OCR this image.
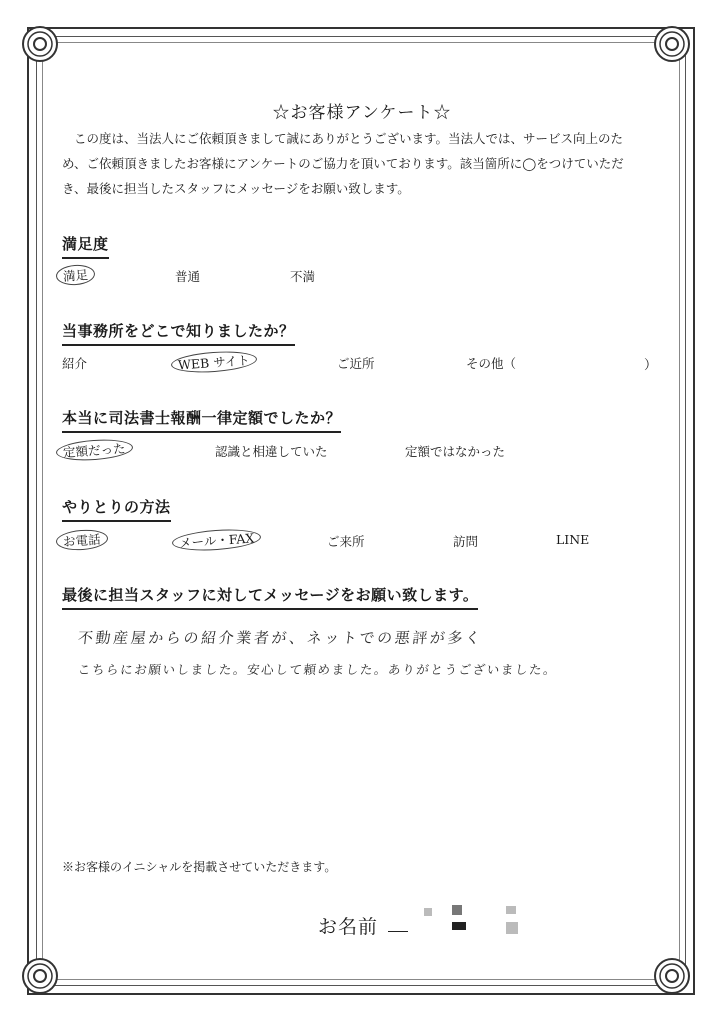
☆お客様アンケート☆
この度は、当法人にご依頼頂きまして誠にありがとうございます。当法人では、サービス向上のた
め、ご依頼頂きましたお客様にアンケートのご協力を頂いております。該当箇所に◯をつけていただ
き、最後に担当したスタッフにメッセージをお願い致します。
満足度
満足	普通	不満
当事務所をどこで知りましたか？
紹介	WEB サイト	ご近所	その他（	）
本当に司法書士報酬一律定額でしたか？
定額だった	認識と相違していた	定額ではなかった
やりとりの方法
お電話	メール・FAX	ご来所	訪問	LINE
最後に担当スタッフに対してメッセージをお願い致します。
不動産屋からの紹介業者が、ネットでの悪評が多く
こちらにお願いしました。安心して頼めました。ありがとうございました。
※お客様のイニシャルを掲載させていただきます。
お名前
